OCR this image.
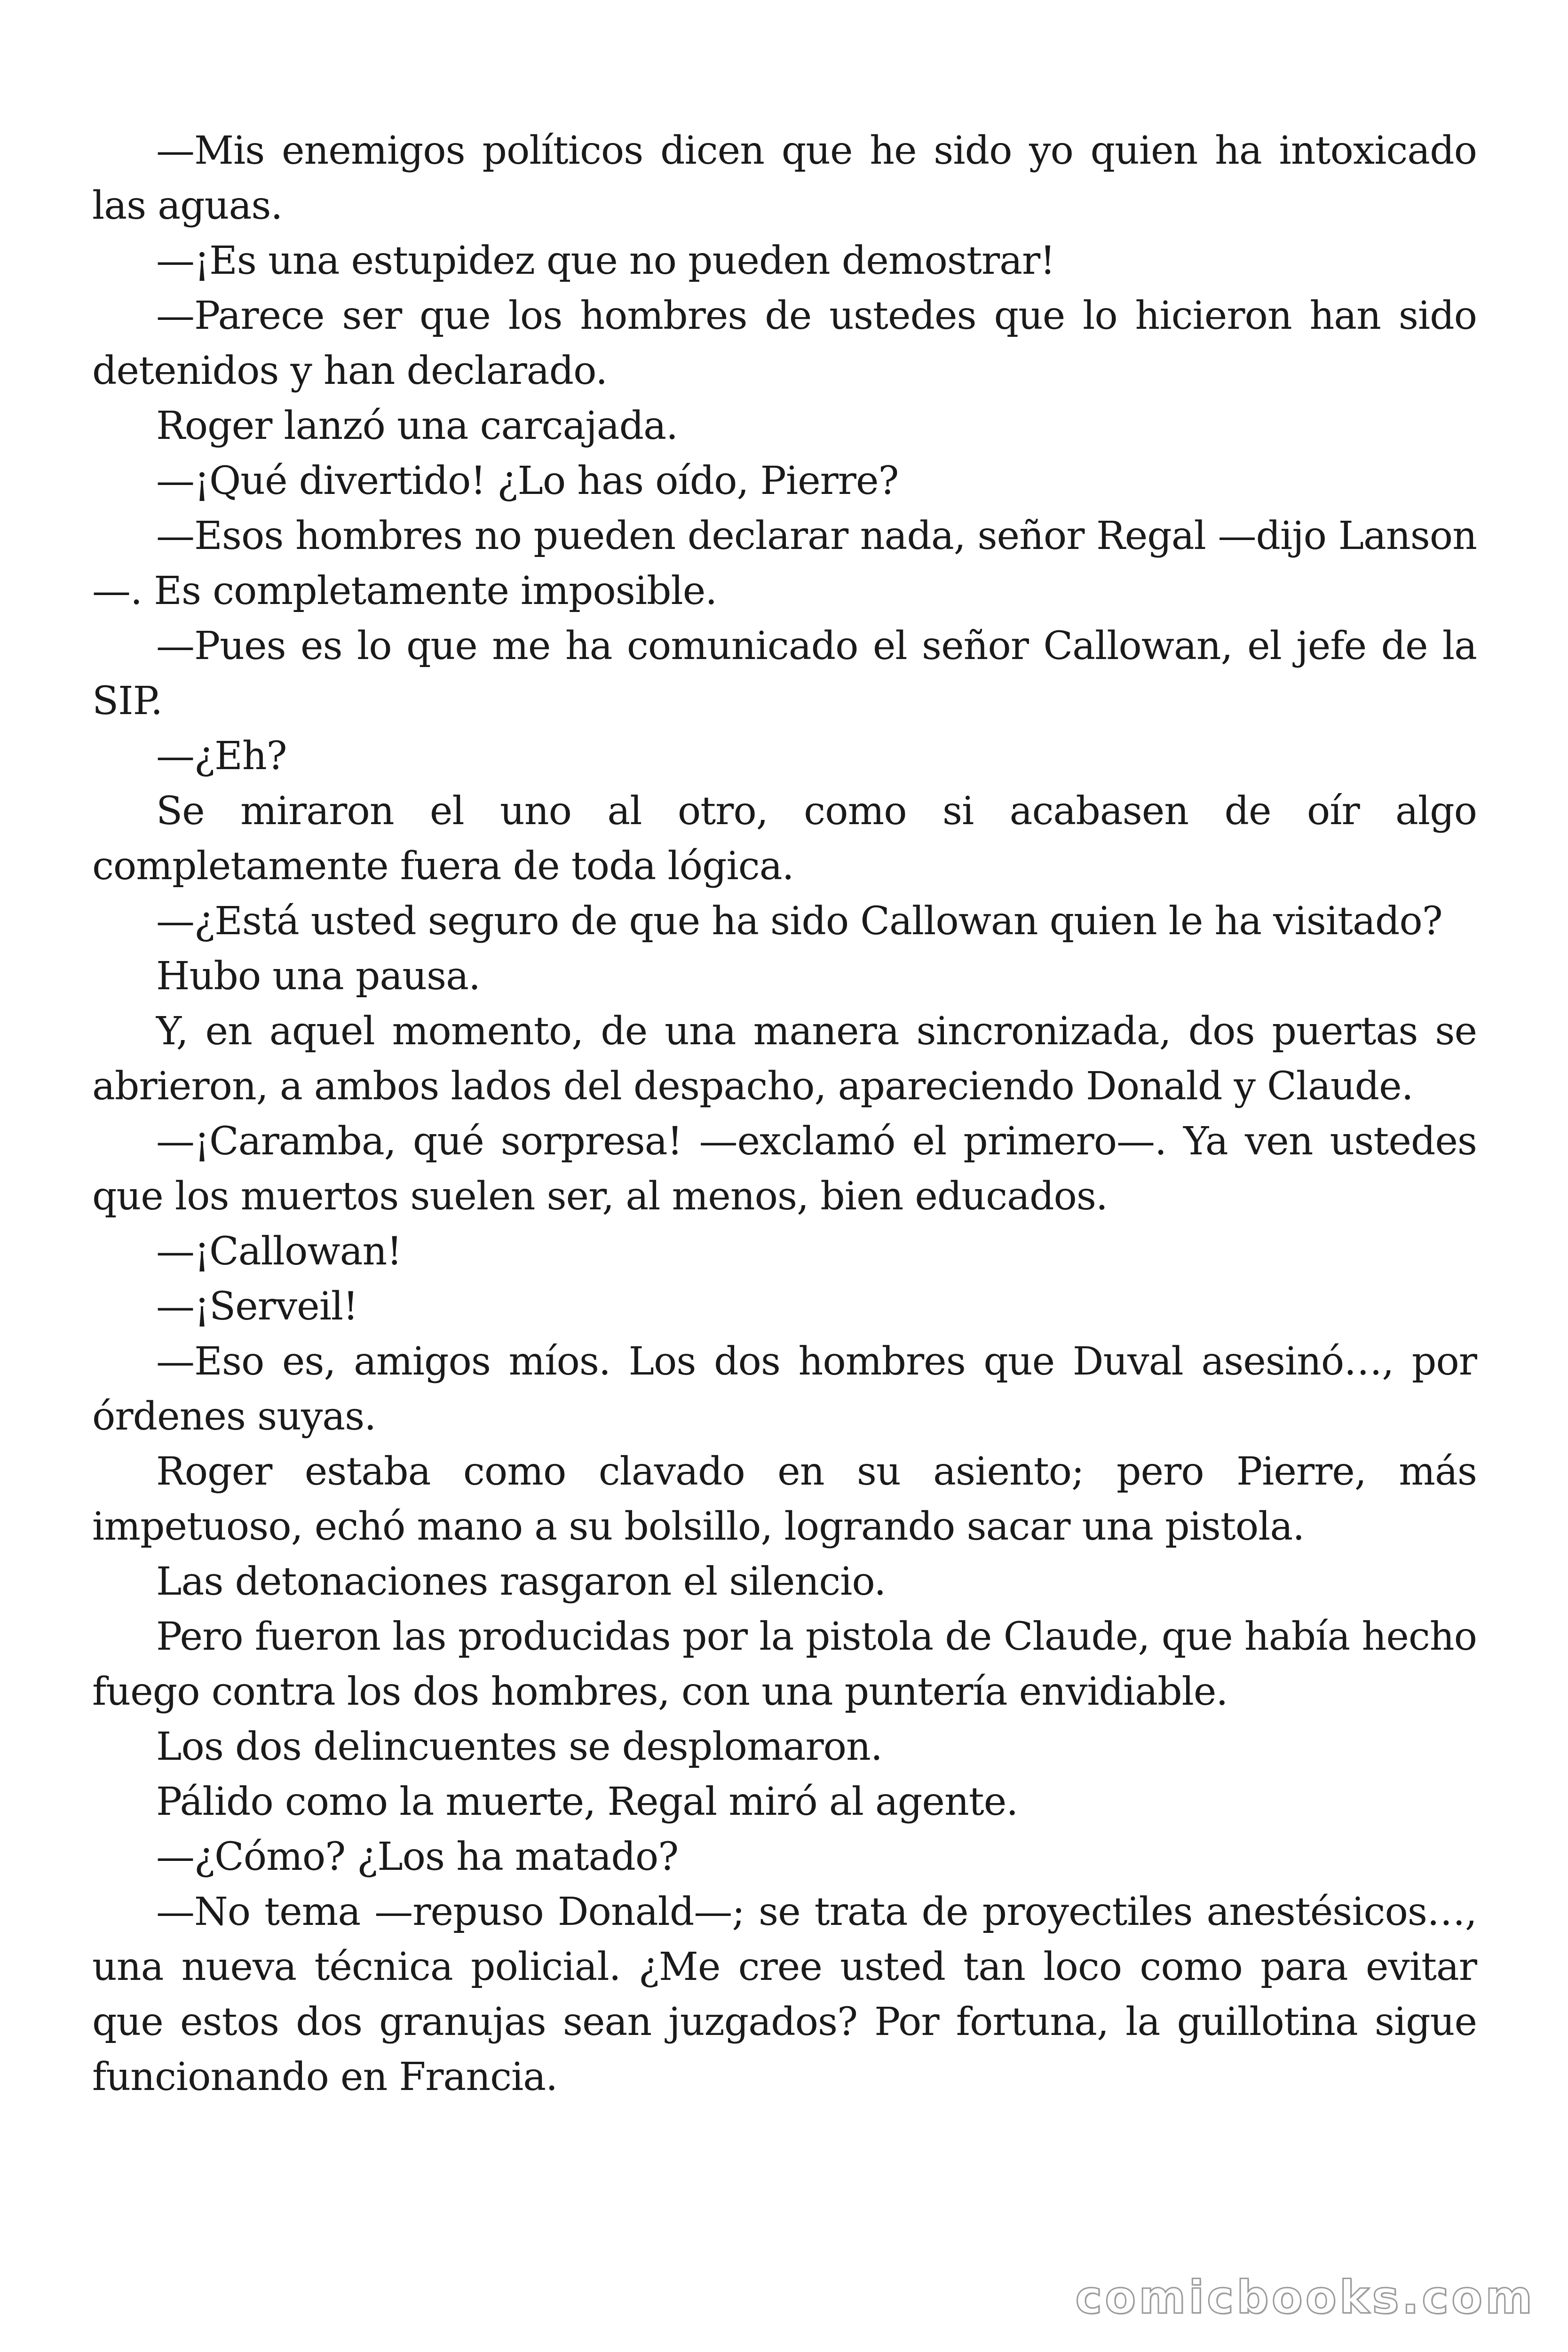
—Mis enemigos políticos dicen que he sido yo quien ha intoxicado las aguas.

—¡Es una estupidez que no pueden demostrar!

—Parece ser que los hombres de ustedes que lo hicieron han sido detenidos y han declarado.

Roger lanzó una carcajada.

—¡Qué divertido! ¿Lo has oído, Pierre?

—Esos hombres no pueden declarar nada, señor Regal —dijo Lanson —. Es completamente imposible.

—Pues es lo que me ha comunicado el señor Callowan, el jefe de la SIP.

—¿Eh?

Se miraron el uno al otro, como si acabasen de oír algo completamente fuera de toda lógica.

—¿Está usted seguro de que ha sido Callowan quien le ha visitado?

Hubo una pausa.

Y, en aquel momento, de una manera sincronizada, dos puertas se abrieron, a ambos lados del despacho, apareciendo Donald y Claude.

—¡Caramba, qué sorpresa! —exclamó el primero—. Ya ven ustedes que los muertos suelen ser, al menos, bien educados.

—¡Callowan!

—¡Serveil!

—Eso es, amigos míos. Los dos hombres que Duval asesinó…, por órdenes suyas.

Roger estaba como clavado en su asiento; pero Pierre, más impetuoso, echó mano a su bolsillo, logrando sacar una pistola.

Las detonaciones rasgaron el silencio.

Pero fueron las producidas por la pistola de Claude, que había hecho fuego contra los dos hombres, con una puntería envidiable.

Los dos delincuentes se desplomaron.

Pálido como la muerte, Regal miró al agente.

—¿Cómo? ¿Los ha matado?

—No tema —repuso Donald—; se trata de proyectiles anestésicos…, una nueva técnica policial. ¿Me cree usted tan loco como para evitar que estos dos granujas sean juzgados? Por fortuna, la guillotina sigue funcionando en Francia.

comicbooks.com
